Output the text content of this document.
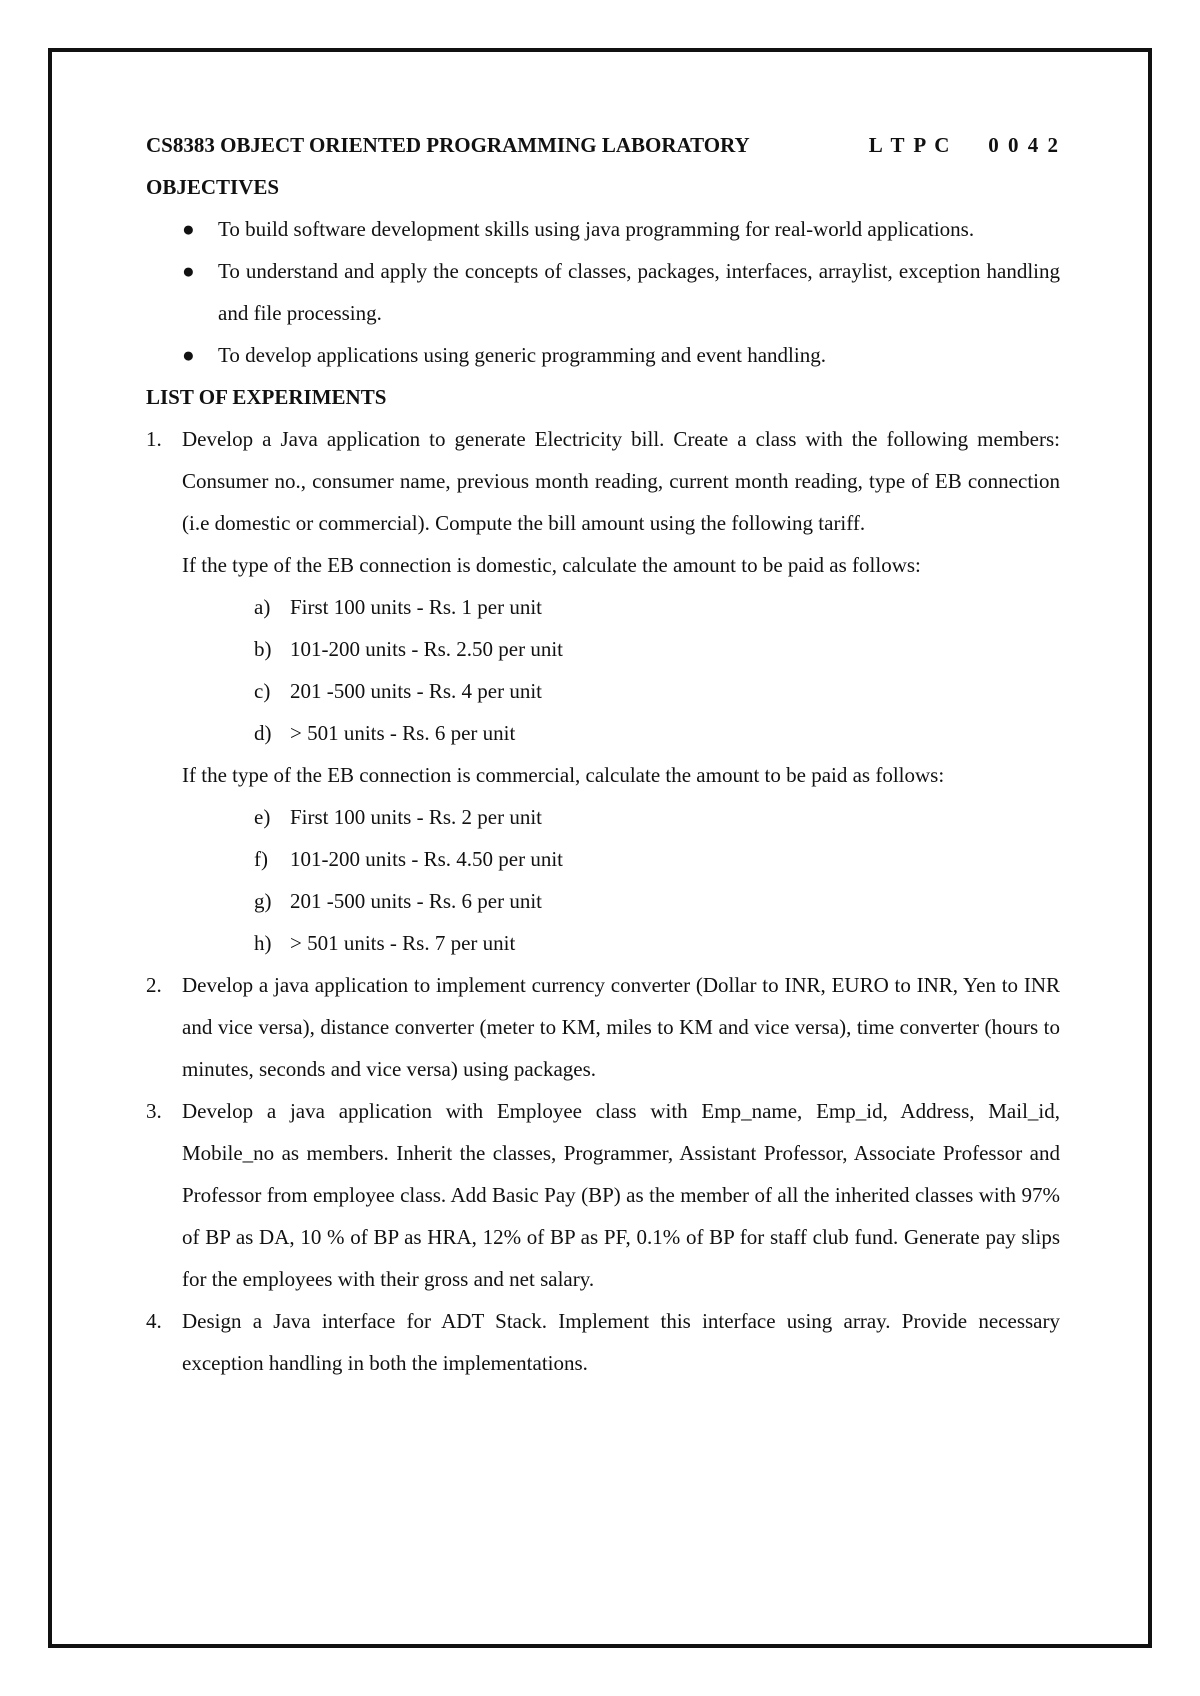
CS8383 OBJECT ORIENTED PROGRAMMING LABORATORY	L T P C	0 0 4 2
OBJECTIVES
● To build software development skills using java programming for real-world applications.
● To understand and apply the concepts of classes, packages, interfaces, arraylist, exception handling and file processing.
● To develop applications using generic programming and event handling.
LIST OF EXPERIMENTS
1. Develop a Java application to generate Electricity bill. Create a class with the following members: Consumer no., consumer name, previous month reading, current month reading, type of EB connection (i.e domestic or commercial). Compute the bill amount using the following tariff.
If the type of the EB connection is domestic, calculate the amount to be paid as follows:
a) First 100 units - Rs. 1 per unit
b) 101-200 units - Rs. 2.50 per unit
c) 201 -500 units - Rs. 4 per unit
d) > 501 units - Rs. 6 per unit
If the type of the EB connection is commercial, calculate the amount to be paid as follows:
e) First 100 units - Rs. 2 per unit
f) 101-200 units - Rs. 4.50 per unit
g) 201 -500 units - Rs. 6 per unit
h) > 501 units - Rs. 7 per unit
2. Develop a java application to implement currency converter (Dollar to INR, EURO to INR, Yen to INR and vice versa), distance converter (meter to KM, miles to KM and vice versa), time converter (hours to minutes, seconds and vice versa) using packages.
3. Develop a java application with Employee class with Emp_name, Emp_id, Address, Mail_id, Mobile_no as members. Inherit the classes, Programmer, Assistant Professor, Associate Professor and Professor from employee class. Add Basic Pay (BP) as the member of all the inherited classes with 97% of BP as DA, 10 % of BP as HRA, 12% of BP as PF, 0.1% of BP for staff club fund. Generate pay slips for the employees with their gross and net salary.
4. Design a Java interface for ADT Stack. Implement this interface using array. Provide necessary exception handling in both the implementations.
